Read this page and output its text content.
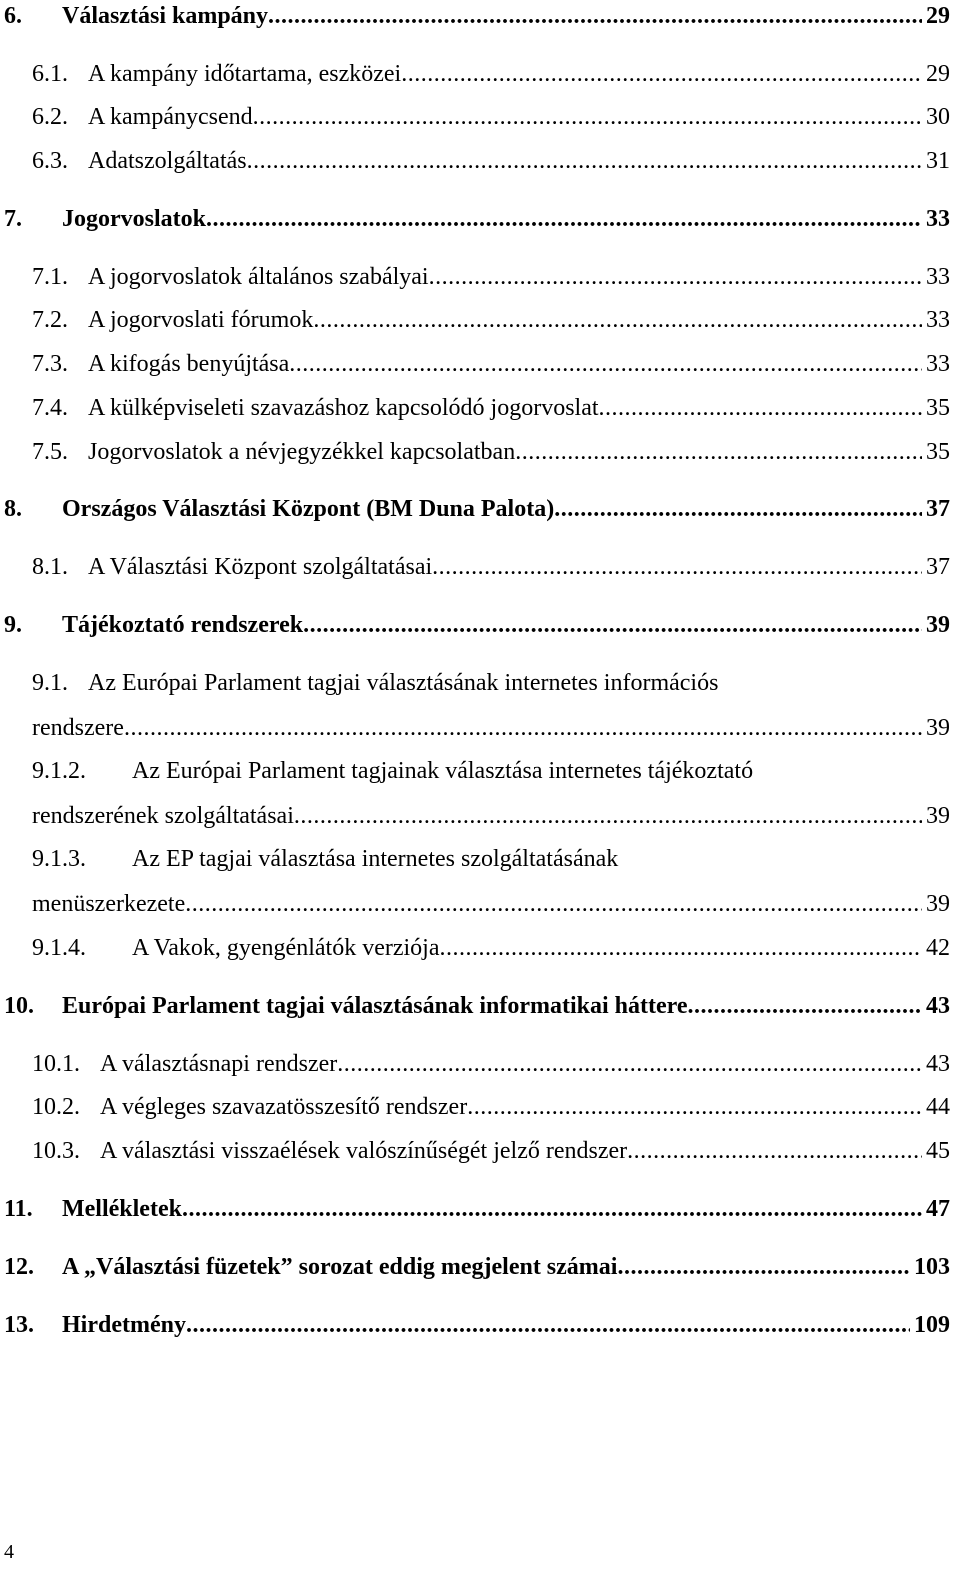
6. Választási kampány .....	29
6.1. A kampány időtartama, eszközei .....	29
6.2. A kampánycsend .....	30
6.3. Adatszolgáltatás .....	31
7. Jogorvoslatok .....	33
7.1. A jogorvoslatok általános szabályai .....	33
7.2. A jogorvoslati fórumok .....	33
7.3. A kifogás benyújtása .....	33
7.4. A külképviseleti szavazáshoz kapcsolódó jogorvoslat .....	35
7.5. Jogorvoslatok a névjegyzékkel kapcsolatban .....	35
8. Országos Választási Központ (BM Duna Palota) .....	37
8.1. A Választási Központ szolgáltatásai .....	37
9. Tájékoztató rendszerek .....	39
9.1. Az Európai Parlament tagjai választásának internetes információs
rendszere .....	39
9.1.2. Az Európai Parlament tagjainak választása internetes tájékoztató
rendszerének szolgáltatásai .....	39
9.1.3. Az EP tagjai választása internetes szolgáltatásának
menüszerkezete .....	39
9.1.4. A Vakok, gyengénlátók verziója .....	42
10. Európai Parlament tagjai választásának informatikai háttere .....	43
10.1. A választásnapi rendszer .....	43
10.2. A végleges szavazatösszesítő rendszer .....	44
10.3. A választási visszaélések valószínűségét jelző rendszer .....	45
11. Mellékletek .....	47
12. A „Választási füzetek” sorozat eddig megjelent számai .....	103
13. Hirdetmény .....	109
4
